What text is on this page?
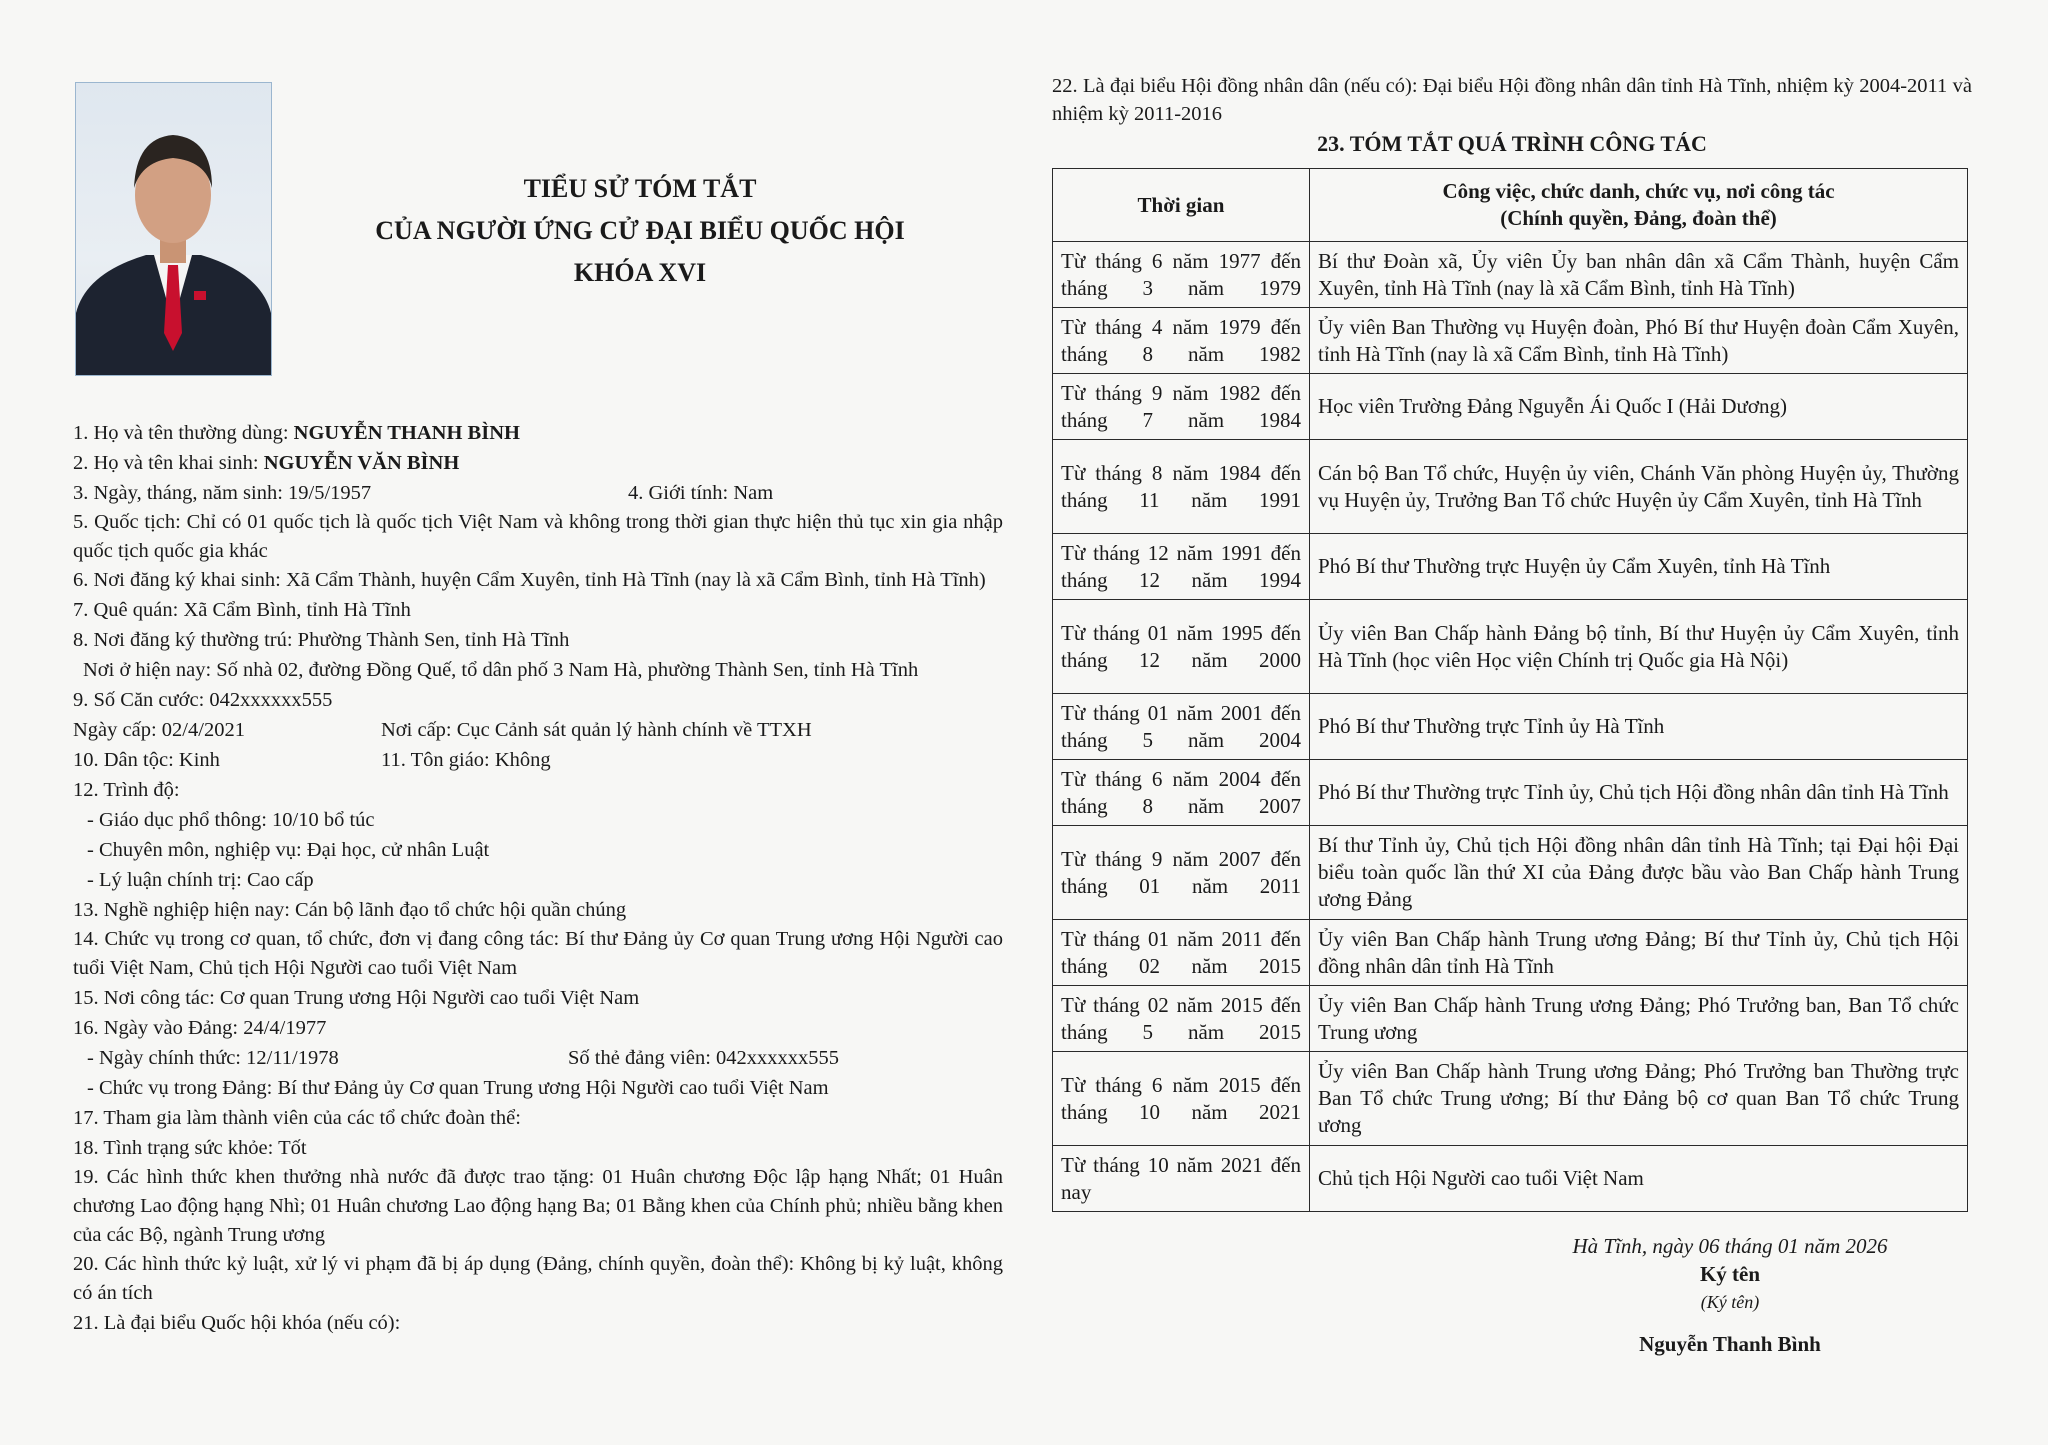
TIỂU SỬ TÓM TẮT
CỦA NGƯỜI ỨNG CỬ ĐẠI BIỂU QUỐC HỘI
KHÓA XVI
1. Họ và tên thường dùng: NGUYỄN THANH BÌNH
2. Họ và tên khai sinh: NGUYỄN VĂN BÌNH
3. Ngày, tháng, năm sinh: 19/5/1957	4. Giới tính: Nam
5. Quốc tịch: Chỉ có 01 quốc tịch là quốc tịch Việt Nam và không trong thời gian thực hiện thủ tục xin gia nhập quốc tịch quốc gia khác
6. Nơi đăng ký khai sinh: Xã Cẩm Thành, huyện Cẩm Xuyên, tỉnh Hà Tĩnh (nay là xã Cẩm Bình, tỉnh Hà Tĩnh)
7. Quê quán: Xã Cẩm Bình, tỉnh Hà Tĩnh
8. Nơi đăng ký thường trú: Phường Thành Sen, tỉnh Hà Tĩnh
Nơi ở hiện nay: Số nhà 02, đường Đồng Quế, tổ dân phố 3 Nam Hà, phường Thành Sen, tỉnh Hà Tĩnh
9. Số Căn cước: 042xxxxxx555
Ngày cấp: 02/4/2021	Nơi cấp: Cục Cảnh sát quản lý hành chính về TTXH
10. Dân tộc: Kinh	11. Tôn giáo: Không
12. Trình độ:
- Giáo dục phổ thông: 10/10 bổ túc
- Chuyên môn, nghiệp vụ: Đại học, cử nhân Luật
- Lý luận chính trị: Cao cấp
13. Nghề nghiệp hiện nay: Cán bộ lãnh đạo tổ chức hội quần chúng
14. Chức vụ trong cơ quan, tổ chức, đơn vị đang công tác: Bí thư Đảng ủy Cơ quan Trung ương Hội Người cao tuổi Việt Nam, Chủ tịch Hội Người cao tuổi Việt Nam
15. Nơi công tác: Cơ quan Trung ương Hội Người cao tuổi Việt Nam
16. Ngày vào Đảng: 24/4/1977
- Ngày chính thức: 12/11/1978	Số thẻ đảng viên: 042xxxxxx555
- Chức vụ trong Đảng: Bí thư Đảng ủy Cơ quan Trung ương Hội Người cao tuổi Việt Nam
17. Tham gia làm thành viên của các tổ chức đoàn thể:
18. Tình trạng sức khỏe: Tốt
19. Các hình thức khen thưởng nhà nước đã được trao tặng: 01 Huân chương Độc lập hạng Nhất; 01 Huân chương Lao động hạng Nhì; 01 Huân chương Lao động hạng Ba; 01 Bằng khen của Chính phủ; nhiều bằng khen của các Bộ, ngành Trung ương
20. Các hình thức kỷ luật, xử lý vi phạm đã bị áp dụng (Đảng, chính quyền, đoàn thể): Không bị kỷ luật, không có án tích
21. Là đại biểu Quốc hội khóa (nếu có):
22. Là đại biểu Hội đồng nhân dân (nếu có): Đại biểu Hội đồng nhân dân tỉnh Hà Tĩnh, nhiệm kỳ 2004-2011 và nhiệm kỳ 2011-2016
23. TÓM TẮT QUÁ TRÌNH CÔNG TÁC
Thời gian	Công việc, chức danh, chức vụ, nơi công tác
(Chính quyền, Đảng, đoàn thể)

Từ tháng 6 năm 1977 đến tháng 3 năm 1979	Bí thư Đoàn xã, Ủy viên Ủy ban nhân dân xã Cẩm Thành, huyện Cẩm Xuyên, tỉnh Hà Tĩnh (nay là xã Cẩm Bình, tỉnh Hà Tĩnh)
Từ tháng 4 năm 1979 đến tháng 8 năm 1982	Ủy viên Ban Thường vụ Huyện đoàn, Phó Bí thư Huyện đoàn Cẩm Xuyên, tỉnh Hà Tĩnh (nay là xã Cẩm Bình, tỉnh Hà Tĩnh)
Từ tháng 9 năm 1982 đến tháng 7 năm 1984	Học viên Trường Đảng Nguyễn Ái Quốc I (Hải Dương)
Từ tháng 8 năm 1984 đến tháng 11 năm 1991	Cán bộ Ban Tổ chức, Huyện ủy viên, Chánh Văn phòng Huyện ủy, Thường vụ Huyện ủy, Trưởng Ban Tổ chức Huyện ủy Cẩm Xuyên, tỉnh Hà Tĩnh
Từ tháng 12 năm 1991 đến tháng 12 năm 1994	Phó Bí thư Thường trực Huyện ủy Cẩm Xuyên, tỉnh Hà Tĩnh
Từ tháng 01 năm 1995 đến tháng 12 năm 2000	Ủy viên Ban Chấp hành Đảng bộ tỉnh, Bí thư Huyện ủy Cẩm Xuyên, tỉnh Hà Tĩnh (học viên Học viện Chính trị Quốc gia Hà Nội)
Từ tháng 01 năm 2001 đến tháng 5 năm 2004	Phó Bí thư Thường trực Tỉnh ủy Hà Tĩnh
Từ tháng 6 năm 2004 đến tháng 8 năm 2007	Phó Bí thư Thường trực Tỉnh ủy, Chủ tịch Hội đồng nhân dân tỉnh Hà Tĩnh
Từ tháng 9 năm 2007 đến tháng 01 năm 2011	Bí thư Tỉnh ủy, Chủ tịch Hội đồng nhân dân tỉnh Hà Tĩnh; tại Đại hội Đại biểu toàn quốc lần thứ XI của Đảng được bầu vào Ban Chấp hành Trung ương Đảng
Từ tháng 01 năm 2011 đến tháng 02 năm 2015	Ủy viên Ban Chấp hành Trung ương Đảng; Bí thư Tỉnh ủy, Chủ tịch Hội đồng nhân dân tỉnh Hà Tĩnh
Từ tháng 02 năm 2015 đến tháng 5 năm 2015	Ủy viên Ban Chấp hành Trung ương Đảng; Phó Trưởng ban, Ban Tổ chức Trung ương
Từ tháng 6 năm 2015 đến tháng 10 năm 2021	Ủy viên Ban Chấp hành Trung ương Đảng; Phó Trưởng ban Thường trực Ban Tổ chức Trung ương; Bí thư Đảng bộ cơ quan Ban Tổ chức Trung ương
Từ tháng 10 năm 2021 đến nay	Chủ tịch Hội Người cao tuổi Việt Nam
Hà Tĩnh, ngày 06 tháng 01 năm 2026
Ký tên
(Ký tên)
Nguyễn Thanh Bình
